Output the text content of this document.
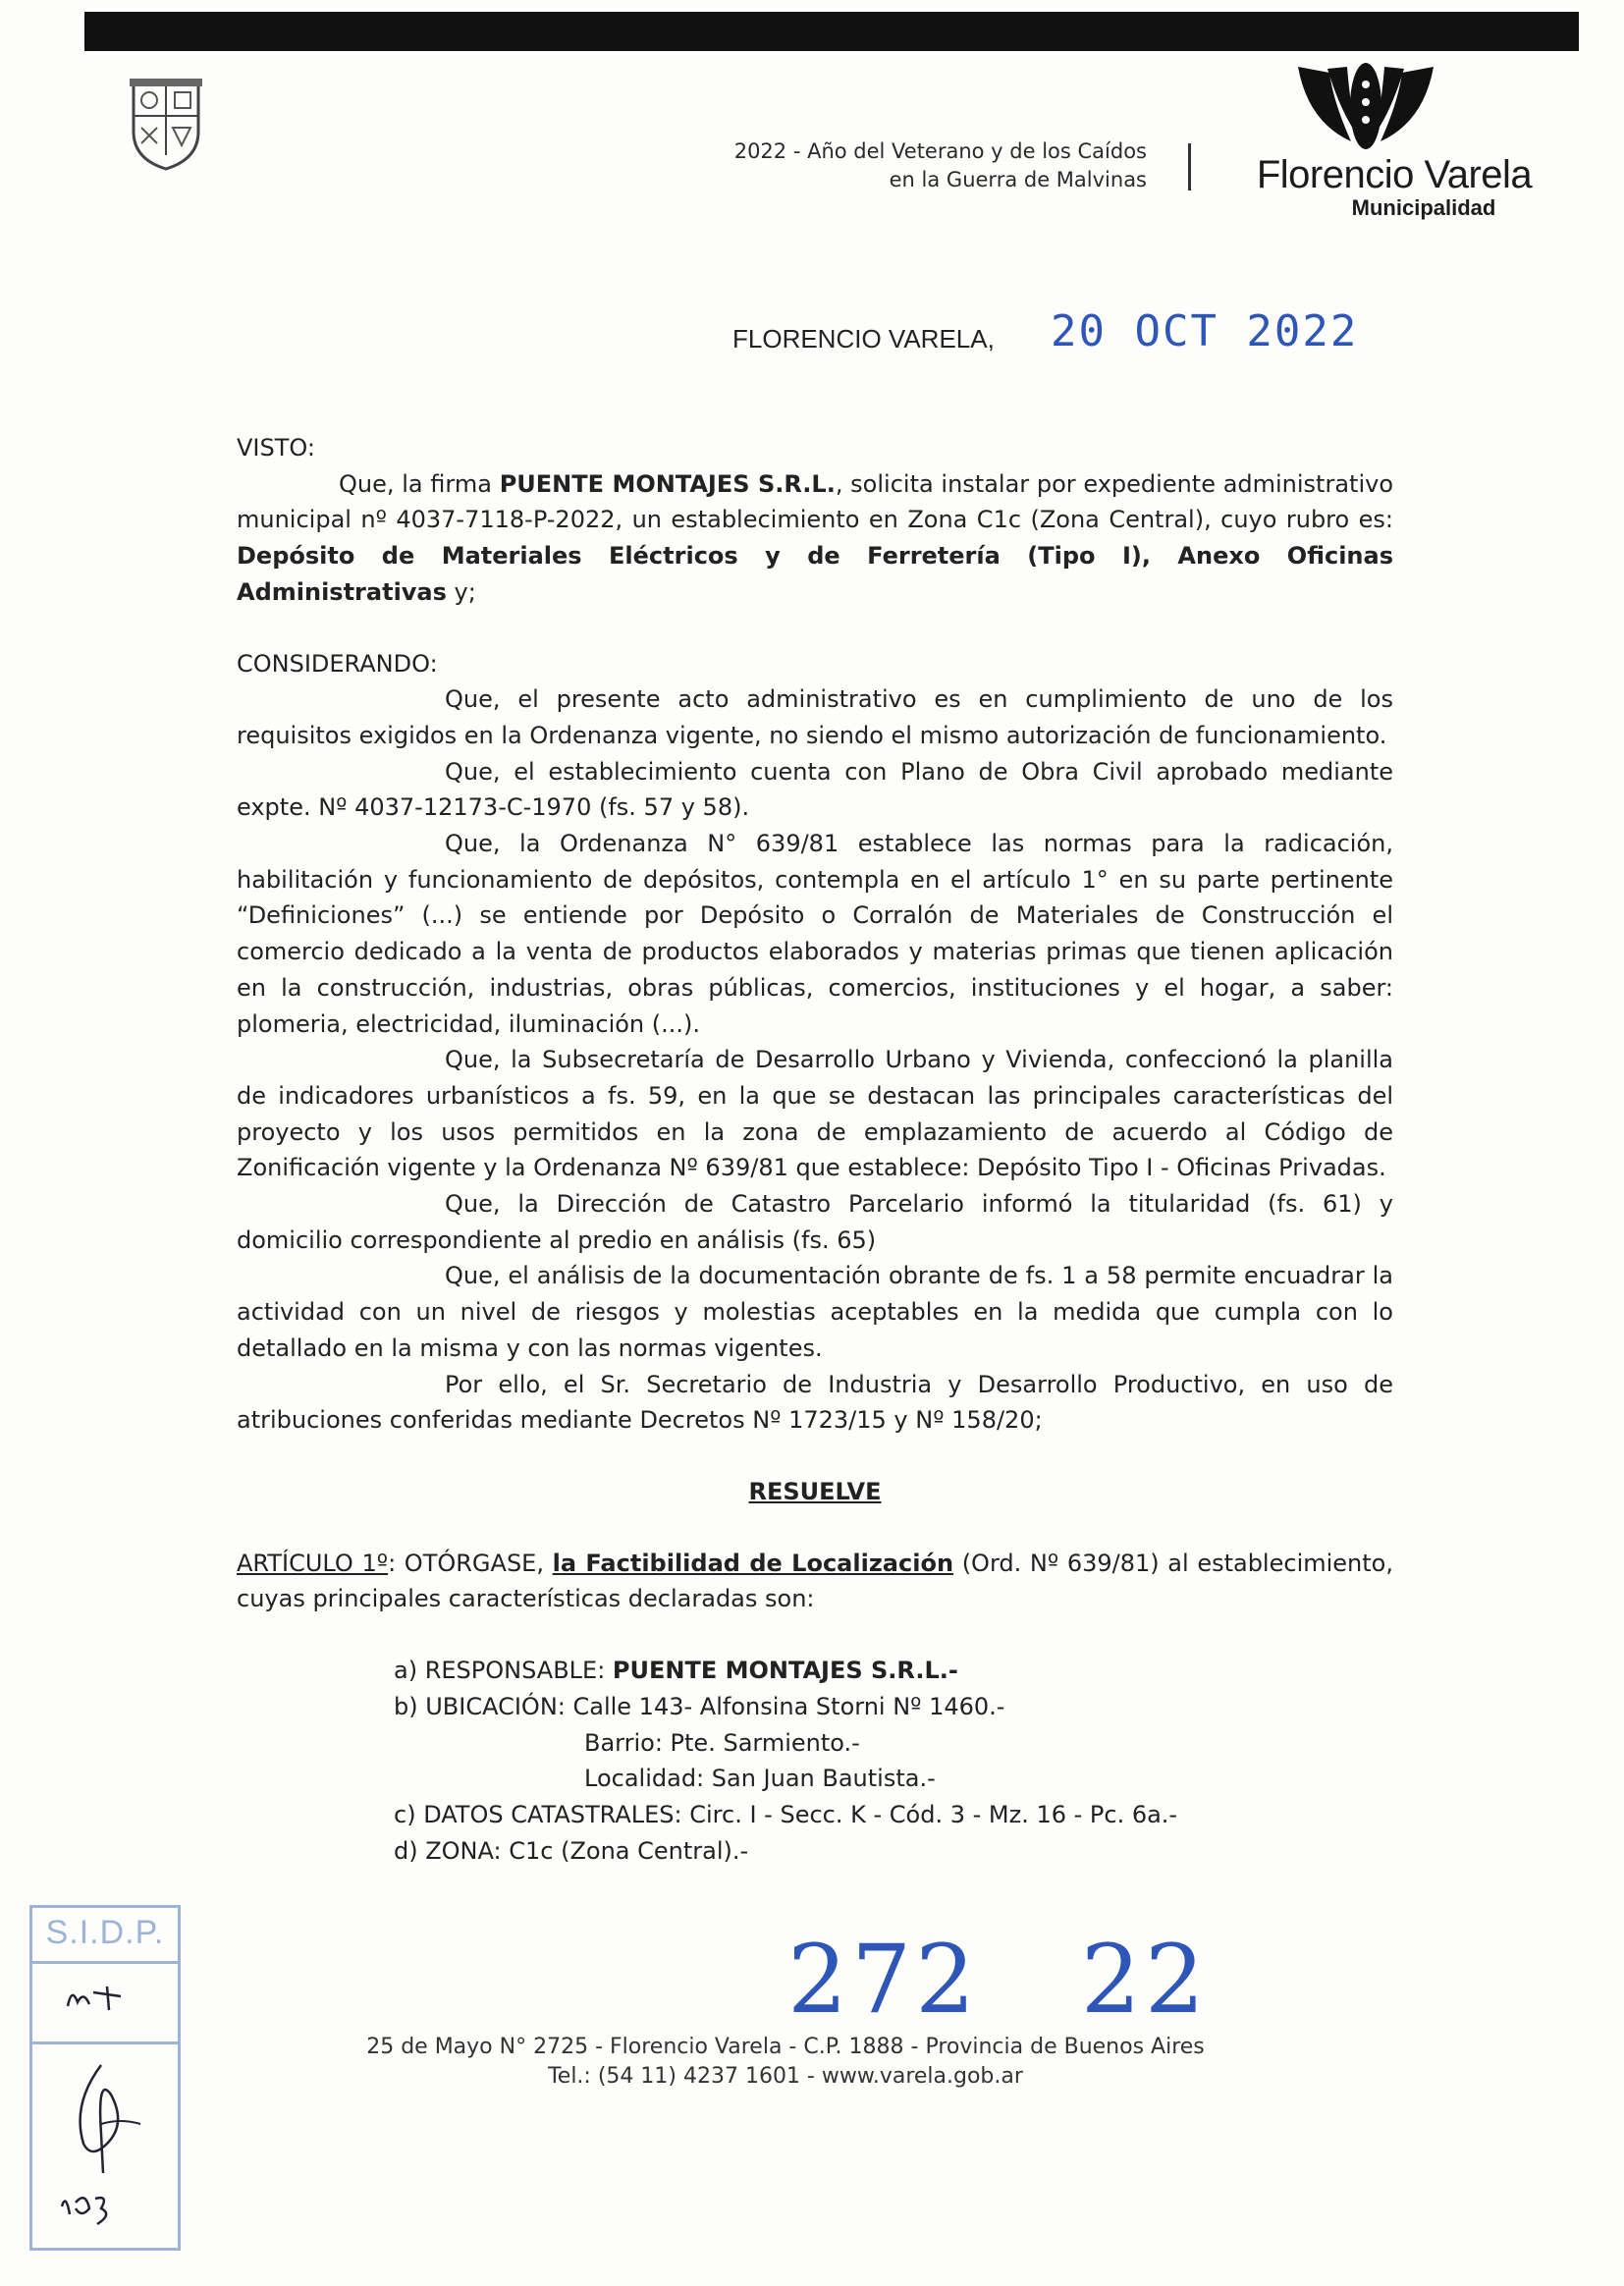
2022 - Año del Veterano y de los Caídos
en la Guerra de Malvinas	Florencio Varela
Municipalidad
FLORENCIO VARELA, 20 OCT 2022

VISTO:

Que, la firma PUENTE MONTAJES S.R.L., solicita instalar por expediente administrativo municipal nº 4037-7118-P-2022, un establecimiento en Zona C1c (Zona Central), cuyo rubro es: Depósito de Materiales Eléctricos y de Ferretería (Tipo I), Anexo Oficinas Administrativas y;

CONSIDERANDO:

Que, el presente acto administrativo es en cumplimiento de uno de los requisitos exigidos en la Ordenanza vigente, no siendo el mismo autorización de funcionamiento.

Que, el establecimiento cuenta con Plano de Obra Civil aprobado mediante expte. Nº 4037-12173-C-1970 (fs. 57 y 58).

Que, la Ordenanza N° 639/81 establece las normas para la radicación, habilitación y funcionamiento de depósitos, contempla en el artículo 1° en su parte pertinente “Definiciones” (...) se entiende por Depósito o Corralón de Materiales de Construcción el comercio dedicado a la venta de productos elaborados y materias primas que tienen aplicación en la construcción, industrias, obras públicas, comercios, instituciones y el hogar, a saber: plomeria, electricidad, iluminación (...).

Que, la Subsecretaría de Desarrollo Urbano y Vivienda, confeccionó la planilla de indicadores urbanísticos a fs. 59, en la que se destacan las principales características del proyecto y los usos permitidos en la zona de emplazamiento de acuerdo al Código de Zonificación vigente y la Ordenanza Nº 639/81 que establece: Depósito Tipo I - Oficinas Privadas.

Que, la Dirección de Catastro Parcelario informó la titularidad (fs. 61) y domicilio correspondiente al predio en análisis (fs. 65)

Que, el análisis de la documentación obrante de fs. 1 a 58 permite encuadrar la actividad con un nivel de riesgos y molestias aceptables en la medida que cumpla con lo detallado en la misma y con las normas vigentes.

Por ello, el Sr. Secretario de Industria y Desarrollo Productivo, en uso de atribuciones conferidas mediante Decretos Nº 1723/15 y Nº 158/20;

RESUELVE

ARTÍCULO 1º: OTÓRGASE, la Factibilidad de Localización (Ord. Nº 639/81) al establecimiento, cuyas principales características declaradas son:

a) RESPONSABLE: PUENTE MONTAJES S.R.L.-
b) UBICACIÓN: Calle 143- Alfonsina Storni Nº 1460.-
Barrio: Pte. Sarmiento.-
Localidad: San Juan Bautista.-
c) DATOS CATASTRALES: Circ. I - Secc. K - Cód. 3 - Mz. 16 - Pc. 6a.-
d) ZONA: C1c (Zona Central).-
272   22
25 de Mayo N° 2725 - Florencio Varela - C.P. 1888 - Provincia de Buenos Aires
Tel.: (54 11) 4237 1601 - www.varela.gob.ar
S.I.D.P.
